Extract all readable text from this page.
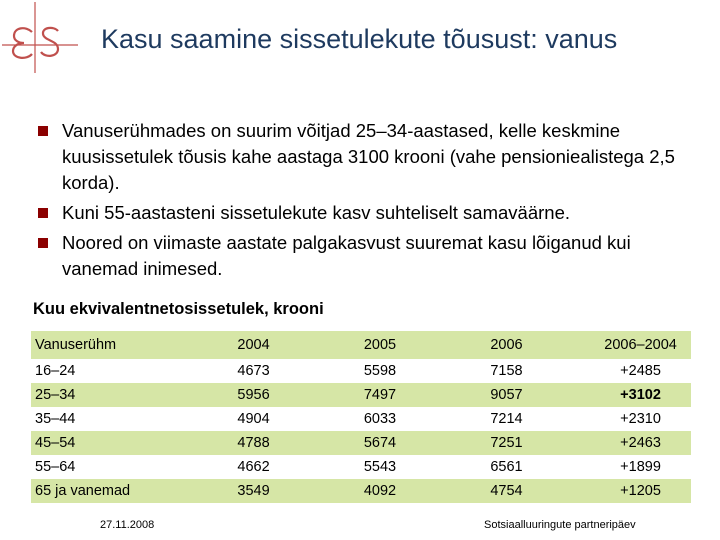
Kasu saamine sissetulekute tõusust: vanus
Vanuserühmades on suurim võitjad 25–34-aastased, kelle keskmine kuusissetulek tõusis kahe aastaga 3100 krooni (vahe pensioniealistega 2,5 korda).
Kuni 55-aastasteni sissetulekute kasv suhteliselt samaväärne.
Noored on viimaste aastate palgakasvust suuremat kasu lõiganud kui vanemad inimesed.
Kuu ekvivalentnetosissetulek, krooni
Vanuserühm	2004	2005	2006	2006–2004
16–24	4673	5598	7158	+2485
25–34	5956	7497	9057	+3102
35–44	4904	6033	7214	+2310
45–54	4788	5674	7251	+2463
55–64	4662	5543	6561	+1899
65 ja vanemad	3549	4092	4754	+1205
27.11.2008	Sotsiaalluuringute partneripäev
